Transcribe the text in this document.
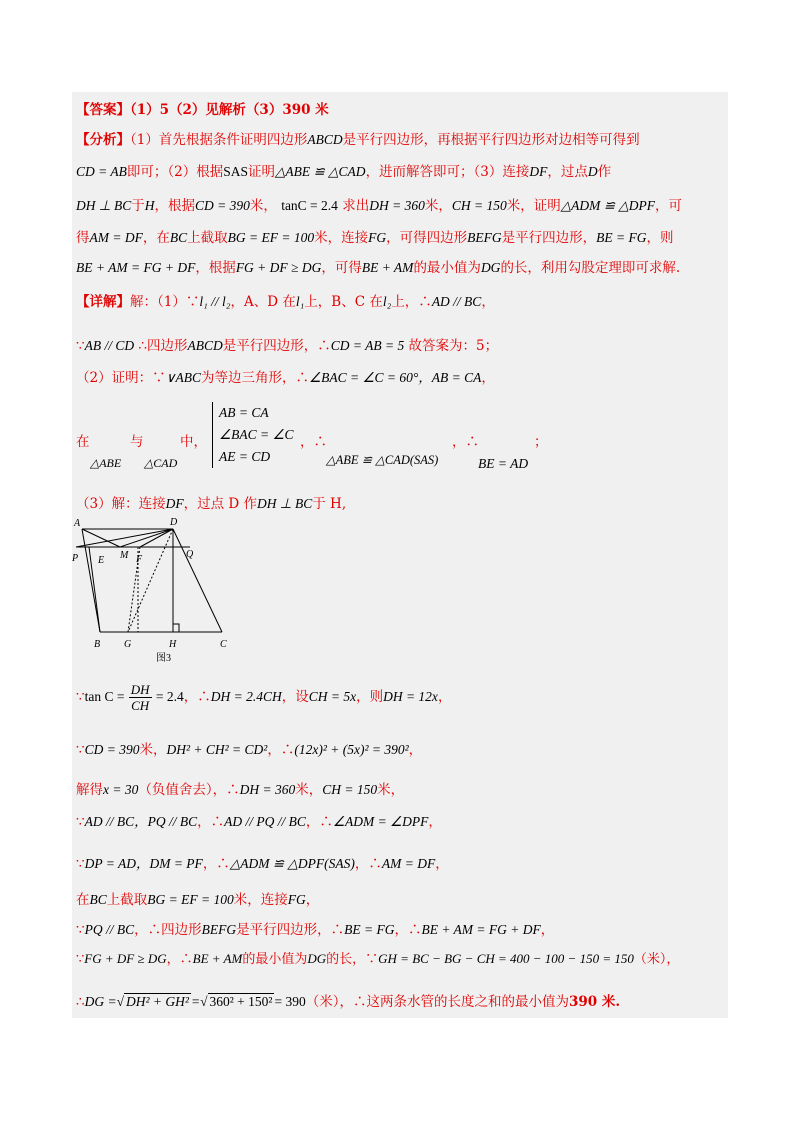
【答案】（1）5（2）见解析（3）390 米
【分析】（1）首先根据条件证明四边形ABCD是平行四边形，再根据平行四边形对边相等可得到
CD = AB即可；（2）根据SAS证明△ABE ≌ △CAD，进而解答即可；（3）连接DF，过点D作
DH ⊥ BC于H，根据CD = 390米， tanC = 2.4 求出DH = 360米，CH = 150米，证明△ADM ≌ △DPF，可
得AM = DF，在BC上截取BG = EF = 100米，连接FG，可得四边形BEFG是平行四边形，BE = FG，则
BE + AM = FG + DF，根据FG + DF ≥ DG，可得BE + AM的最小值为DG的长，利用勾股定理即可求解.
【详解】解：（1）∵l₁ // l₂，A、D 在l₁上，B、C 在l₂上，∴AD // BC，
∵AB // CD ∴四边形ABCD是平行四边形，∴CD = AB = 5 故答案为：5；
（2）证明：∵∨ABC为等边三角形，∴∠BAC = ∠C = 60°，AB = CA，
在	与	中，
△ABE △CAD
AB = CA
∠BAC = ∠C
AE = CD
，∴
△ABE ≌ △CAD(SAS)
，∴	；
BE = AD
（3）解：连接DF，过点 D 作DH ⊥ BC于 H,
A	D
P E M F	Q
B G	H	C
图3
∵tan $C = \frac{DH}{CH} = 2.4$，∴DH = 2.4CH，设CH = 5x，则DH = 12x，
∵CD = 390米，DH² + CH² = CD²，∴(12x)² + (5x)² = 390²，
解得x = 30（负值舍去），∴DH = 360米，CH = 150米，
∵AD // BC，PQ // BC，∴AD // PQ // BC，∴∠ADM = ∠DPF，
∵DP = AD，DM = PF，∴△ADM ≌ △DPF(SAS)，∴AM = DF，
在BC上截取BG = EF = 100米，连接FG，
∵PQ // BC，∴四边形BEFG是平行四边形，∴BE = FG，∴BE + AM = FG + DF，
∵FG + DF ≥ DG，∴BE + AM的最小值为DG的长，∵GH = BC − BG − CH = 400 − 100 − 150 = 150（米），
∴DG =√ DH² + GH² =√ 360² + 150² = 390（米），∴这两条水管的长度之和的最小值为390 米.
